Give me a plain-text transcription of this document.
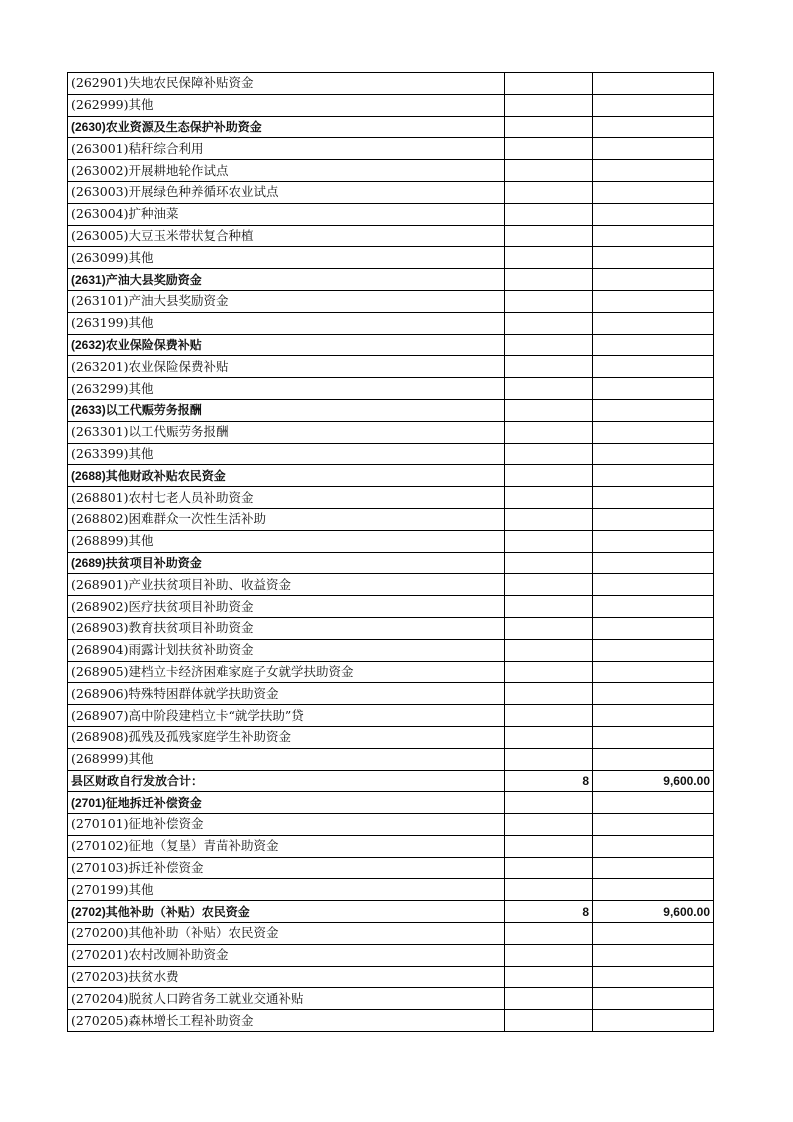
(262901)失地农民保障补贴资金		
(262999)其他		
(2630)农业资源及生态保护补助资金		
(263001)秸秆综合利用		
(263002)开展耕地轮作试点		
(263003)开展绿色种养循环农业试点		
(263004)扩种油菜		
(263005)大豆玉米带状复合种植		
(263099)其他		
(2631)产油大县奖励资金		
(263101)产油大县奖励资金		
(263199)其他		
(2632)农业保险保费补贴		
(263201)农业保险保费补贴		
(263299)其他		
(2633)以工代赈劳务报酬		
(263301)以工代赈劳务报酬		
(263399)其他		
(2688)其他财政补贴农民资金		
(268801)农村七老人员补助资金		
(268802)困难群众一次性生活补助		
(268899)其他		
(2689)扶贫项目补助资金		
(268901)产业扶贫项目补助、收益资金		
(268902)医疗扶贫项目补助资金		
(268903)教育扶贫项目补助资金		
(268904)雨露计划扶贫补助资金		
(268905)建档立卡经济困难家庭子女就学扶助资金		
(268906)特殊特困群体就学扶助资金		
(268907)高中阶段建档立卡“就学扶助”贷		
(268908)孤残及孤残家庭学生补助资金		
(268999)其他		
县区财政自行发放合计：	8	9,600.00
(2701)征地拆迁补偿资金		
(270101)征地补偿资金		
(270102)征地（复垦）青苗补助资金		
(270103)拆迁补偿资金		
(270199)其他		
(2702)其他补助（补贴）农民资金	8	9,600.00
(270200)其他补助（补贴）农民资金		
(270201)农村改厕补助资金		
(270203)扶贫水费		
(270204)脱贫人口跨省务工就业交通补贴		
(270205)森林增长工程补助资金		
